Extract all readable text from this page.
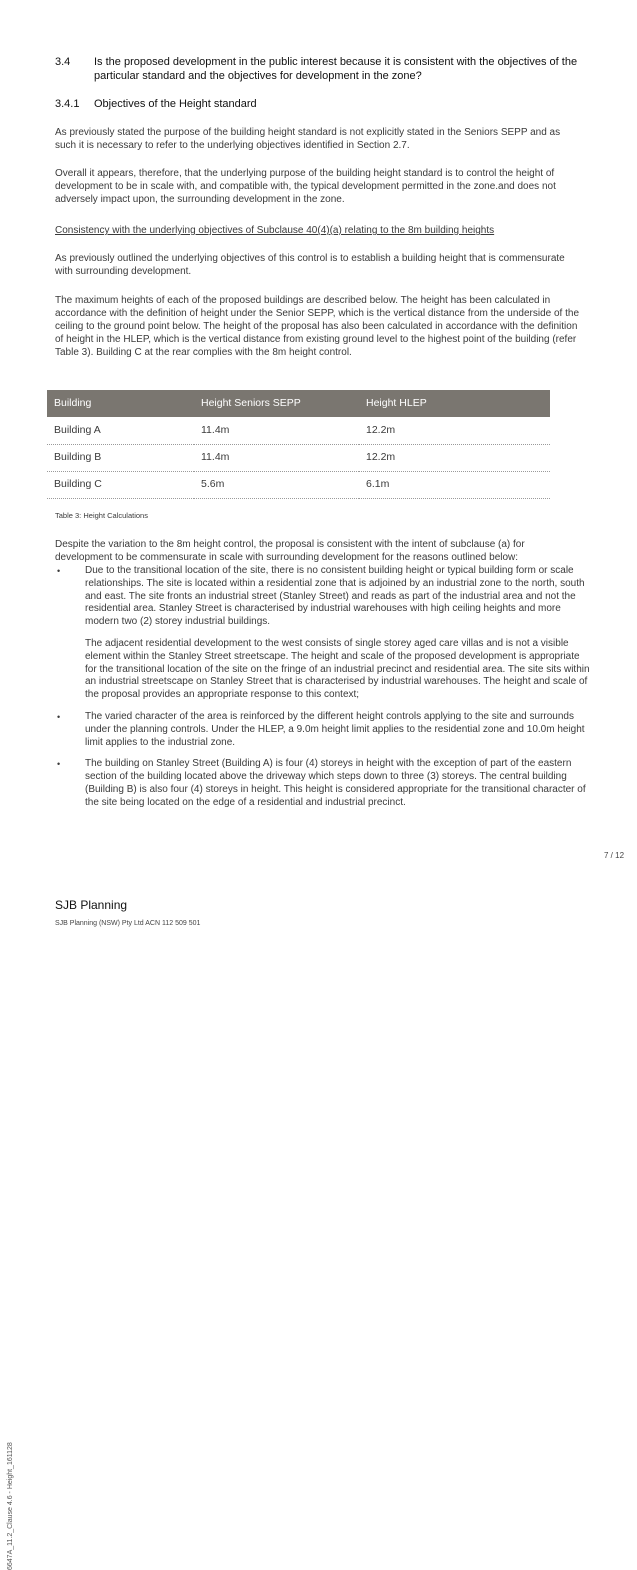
3.4 Is the proposed development in the public interest because it is consistent with the objectives of the particular standard and the objectives for development in the zone?
3.4.1 Objectives of the Height standard

As previously stated the purpose of the building height standard is not explicitly stated in the Seniors SEPP and as such it is necessary to refer to the underlying objectives identified in Section 2.7.

Overall it appears, therefore, that the underlying purpose of the building height standard is to control the height of development to be in scale with, and compatible with, the typical development permitted in the zone.and does not adversely impact upon, the surrounding development in the zone.

Consistency with the underlying objectives of Subclause 40(4)(a) relating to the 8m building heights

As previously outlined the underlying objectives of this control is to establish a building height that is commensurate with surrounding development.

The maximum heights of each of the proposed buildings are described below. The height has been calculated in accordance with the definition of height under the Senior SEPP, which is the vertical distance from the underside of the ceiling to the ground point below. The height of the proposal has also been calculated in accordance with the definition of height in the HLEP, which is the vertical distance from existing ground level to the highest point of the building (refer Table 3). Building C at the rear complies with the 8m height control.

Building	Height Seniors SEPP	Height HLEP
Building A	11.4m	12.2m
Building B	11.4m	12.2m
Building C	5.6m	6.1m
Table 3: Height Calculations

Despite the variation to the 8m height control, the proposal is consistent with the intent of subclause (a) for development to be commensurate in scale with surrounding development for the reasons outlined below:

• Due to the transitional location of the site, there is no consistent building height or typical building form or scale relationships. The site is located within a residential zone that is adjoined by an industrial zone to the north, south and east. The site fronts an industrial street (Stanley Street) and reads as part of the industrial area and not the residential area. Stanley Street is characterised by industrial warehouses with high ceiling heights and more modern two (2) storey industrial buildings.

The adjacent residential development to the west consists of single storey aged care villas and is not a visible element within the Stanley Street streetscape. The height and scale of the proposed development is appropriate for the transitional location of the site on the fringe of an industrial precinct and residential area. The site sits within an industrial streetscape on Stanley Street that is characterised by industrial warehouses. The height and scale of the proposal provides an appropriate response to this context;

• The varied character of the area is reinforced by the different height controls applying to the site and surrounds under the planning controls. Under the HLEP, a 9.0m height limit applies to the residential zone and 10.0m height limit applies to the industrial zone.

• The building on Stanley Street (Building A) is four (4) storeys in height with the exception of part of the eastern section of the building located above the driveway which steps down to three (3) storeys. The central building (Building B) is also four (4) storeys in height. This height is considered appropriate for the transitional character of the site being located on the edge of a residential and industrial precinct.

6647A_11.2_Clause 4.6 - Height_161128
7 / 12
SJB Planning
SJB Planning (NSW) Pty Ltd ACN 112 509 501
